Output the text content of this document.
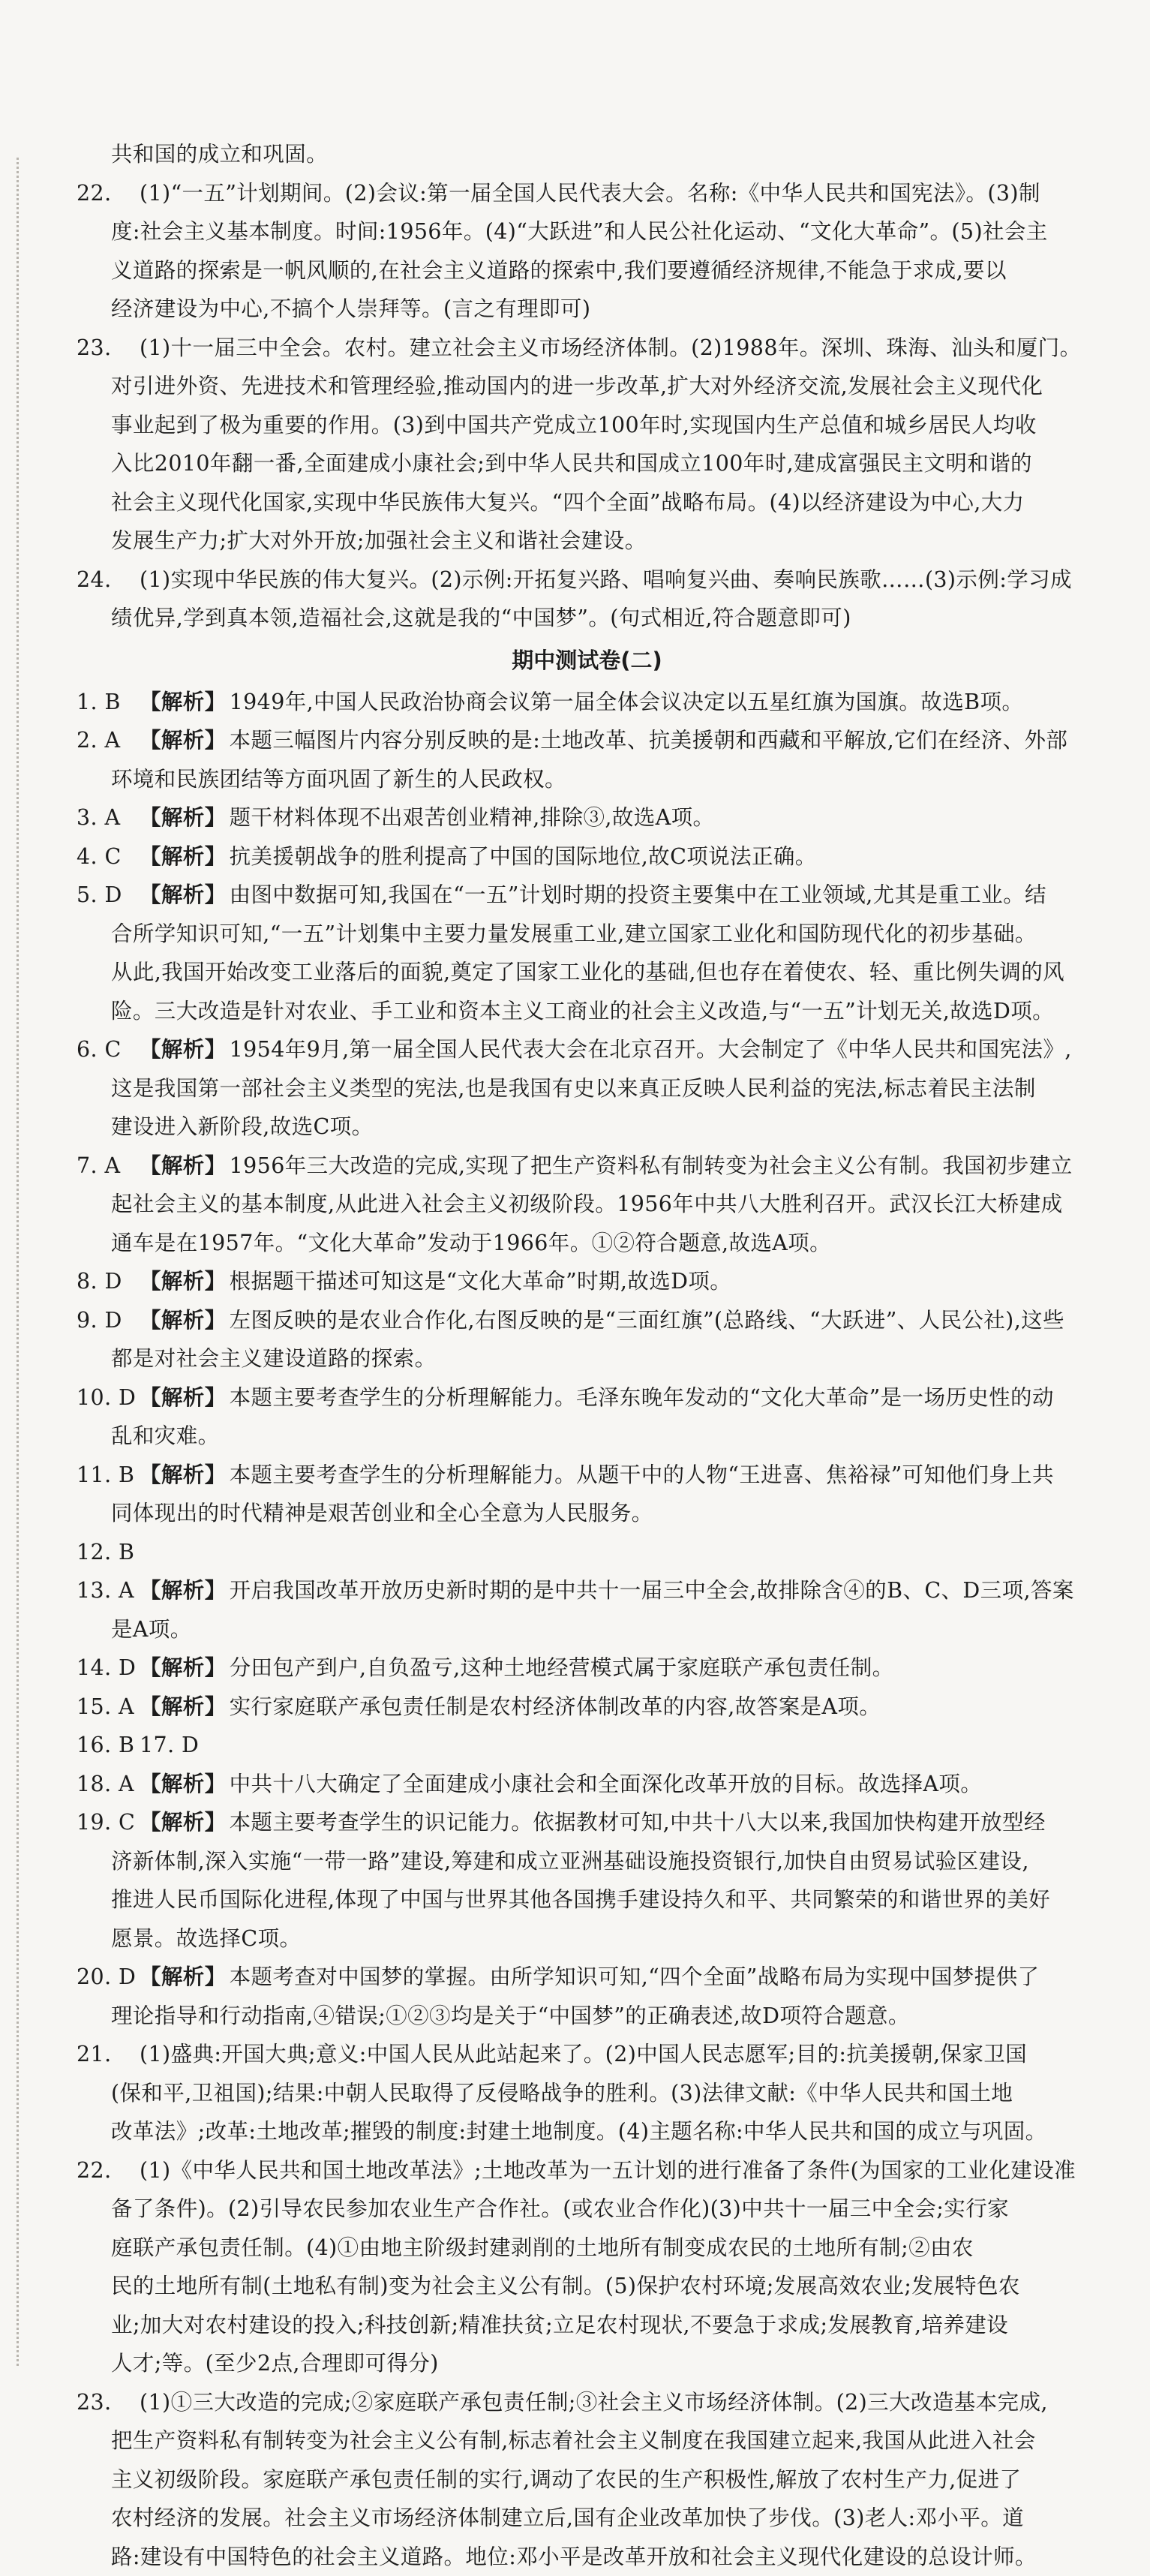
共和国的成立和巩固。
22. (1)“一五”计划期间。(2)会议:第一届全国人民代表大会。名称:《中华人民共和国宪法》。(3)制
度:社会主义基本制度。时间:1956年。(4)“大跃进”和人民公社化运动、“文化大革命”。(5)社会主
义道路的探索是一帆风顺的,在社会主义道路的探索中,我们要遵循经济规律,不能急于求成,要以
经济建设为中心,不搞个人崇拜等。(言之有理即可)
23. (1)十一届三中全会。农村。建立社会主义市场经济体制。(2)1988年。深圳、珠海、汕头和厦门。
对引进外资、先进技术和管理经验,推动国内的进一步改革,扩大对外经济交流,发展社会主义现代化
事业起到了极为重要的作用。(3)到中国共产党成立100年时,实现国内生产总值和城乡居民人均收
入比2010年翻一番,全面建成小康社会;到中华人民共和国成立100年时,建成富强民主文明和谐的
社会主义现代化国家,实现中华民族伟大复兴。“四个全面”战略布局。(4)以经济建设为中心,大力
发展生产力;扩大对外开放;加强社会主义和谐社会建设。
24. (1)实现中华民族的伟大复兴。(2)示例:开拓复兴路、唱响复兴曲、奏响民族歌……(3)示例:学习成
绩优异,学到真本领,造福社会,这就是我的“中国梦”。(句式相近,符合题意即可)
期中测试卷(二)
1. B 【解析】 1949年,中国人民政治协商会议第一届全体会议决定以五星红旗为国旗。故选B项。
2. A 【解析】 本题三幅图片内容分别反映的是:土地改革、抗美援朝和西藏和平解放,它们在经济、外部
环境和民族团结等方面巩固了新生的人民政权。
3. A 【解析】 题干材料体现不出艰苦创业精神,排除③,故选A项。
4. C 【解析】 抗美援朝战争的胜利提高了中国的国际地位,故C项说法正确。
5. D 【解析】 由图中数据可知,我国在“一五”计划时期的投资主要集中在工业领域,尤其是重工业。结
合所学知识可知,“一五”计划集中主要力量发展重工业,建立国家工业化和国防现代化的初步基础。
从此,我国开始改变工业落后的面貌,奠定了国家工业化的基础,但也存在着使农、轻、重比例失调的风
险。三大改造是针对农业、手工业和资本主义工商业的社会主义改造,与“一五”计划无关,故选D项。
6. C 【解析】 1954年9月,第一届全国人民代表大会在北京召开。大会制定了《中华人民共和国宪法》,
这是我国第一部社会主义类型的宪法,也是我国有史以来真正反映人民利益的宪法,标志着民主法制
建设进入新阶段,故选C项。
7. A 【解析】 1956年三大改造的完成,实现了把生产资料私有制转变为社会主义公有制。我国初步建立
起社会主义的基本制度,从此进入社会主义初级阶段。1956年中共八大胜利召开。武汉长江大桥建成
通车是在1957年。“文化大革命”发动于1966年。①②符合题意,故选A项。
8. D 【解析】 根据题干描述可知这是“文化大革命”时期,故选D项。
9. D 【解析】 左图反映的是农业合作化,右图反映的是“三面红旗”(总路线、“大跃进”、人民公社),这些
都是对社会主义建设道路的探索。
10. D 【解析】 本题主要考查学生的分析理解能力。毛泽东晚年发动的“文化大革命”是一场历史性的动
乱和灾难。
11. B 【解析】 本题主要考查学生的分析理解能力。从题干中的人物“王进喜、焦裕禄”可知他们身上共
同体现出的时代精神是艰苦创业和全心全意为人民服务。
12. B
13. A 【解析】 开启我国改革开放历史新时期的是中共十一届三中全会,故排除含④的B、C、D三项,答案
是A项。
14. D 【解析】 分田包产到户,自负盈亏,这种土地经营模式属于家庭联产承包责任制。
15. A 【解析】 实行家庭联产承包责任制是农村经济体制改革的内容,故答案是A项。
16. B 17. D
18. A 【解析】 中共十八大确定了全面建成小康社会和全面深化改革开放的目标。故选择A项。
19. C 【解析】 本题主要考查学生的识记能力。依据教材可知,中共十八大以来,我国加快构建开放型经
济新体制,深入实施“一带一路”建设,筹建和成立亚洲基础设施投资银行,加快自由贸易试验区建设,
推进人民币国际化进程,体现了中国与世界其他各国携手建设持久和平、共同繁荣的和谐世界的美好
愿景。故选择C项。
20. D 【解析】 本题考查对中国梦的掌握。由所学知识可知,“四个全面”战略布局为实现中国梦提供了
理论指导和行动指南,④错误;①②③均是关于“中国梦”的正确表述,故D项符合题意。
21. (1)盛典:开国大典;意义:中国人民从此站起来了。(2)中国人民志愿军;目的:抗美援朝,保家卫国
(保和平,卫祖国);结果:中朝人民取得了反侵略战争的胜利。(3)法律文献:《中华人民共和国土地
改革法》;改革:土地改革;摧毁的制度:封建土地制度。(4)主题名称:中华人民共和国的成立与巩固。
22. (1)《中华人民共和国土地改革法》;土地改革为一五计划的进行准备了条件(为国家的工业化建设准
备了条件)。(2)引导农民参加农业生产合作社。(或农业合作化)(3)中共十一届三中全会;实行家
庭联产承包责任制。(4)①由地主阶级封建剥削的土地所有制变成农民的土地所有制;②由农
民的土地所有制(土地私有制)变为社会主义公有制。(5)保护农村环境;发展高效农业;发展特色农
业;加大对农村建设的投入;科技创新;精准扶贫;立足农村现状,不要急于求成;发展教育,培养建设
人才;等。(至少2点,合理即可得分)
23. (1)①三大改造的完成;②家庭联产承包责任制;③社会主义市场经济体制。(2)三大改造基本完成,
把生产资料私有制转变为社会主义公有制,标志着社会主义制度在我国建立起来,我国从此进入社会
主义初级阶段。家庭联产承包责任制的实行,调动了农民的生产积极性,解放了农村生产力,促进了
农村经济的发展。社会主义市场经济体制建立后,国有企业改革加快了步伐。(3)老人:邓小平。道
路:建设有中国特色的社会主义道路。地位:邓小平是改革开放和社会主义现代化建设的总设计师。
